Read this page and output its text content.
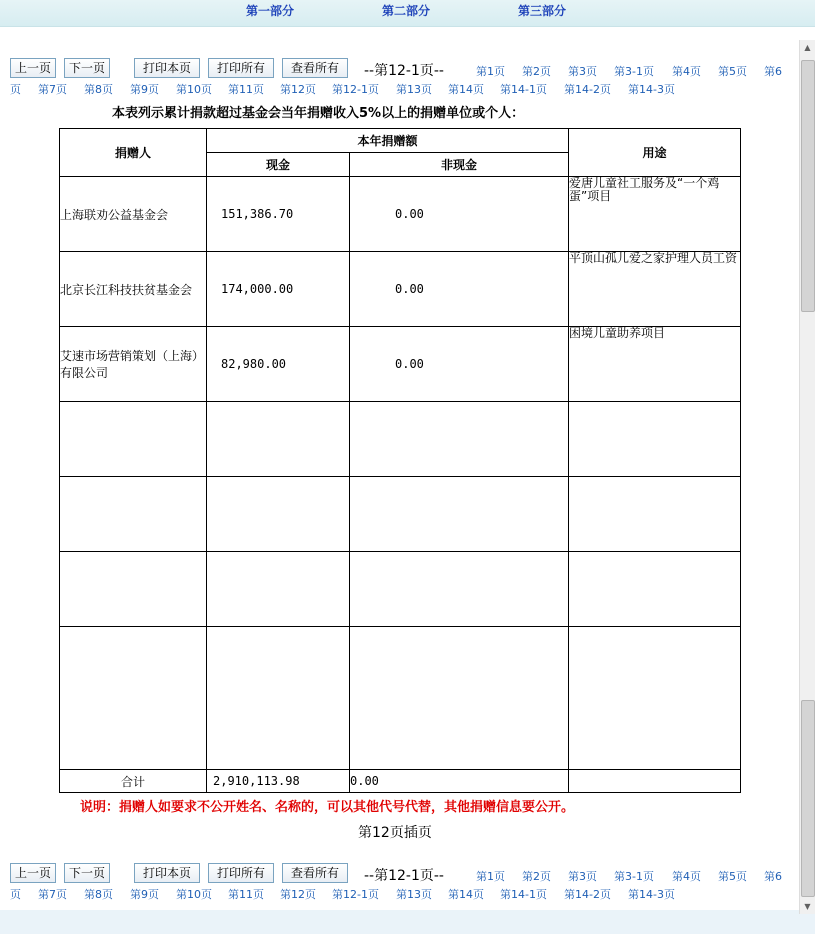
第一部分	第二部分	第三部分
上一页	下一页	打印本页	打印所有	查看所有	--第12-1页--	第1页 第2页 第3页 第3-1页 第4页 第5页 第6
页 第7页 第8页 第9页 第10页 第11页 第12页 第12-1页 第13页 第14页 第14-1页 第14-2页 第14-3页
本表列示累计捐款超过基金会当年捐赠收入5%以上的捐赠单位或个人：
捐赠人	本年捐赠额		用途
	现金	非现金	
上海联劝公益基金会	151,386.70	0.00	爱唐儿童社工服务及“一个鸡蛋”项目
北京长江科技扶贫基金会	174,000.00	0.00	平顶山孤儿爱之家护理人员工资
艾速市场营销策划（上海）有限公司	82,980.00	0.00	困境儿童助养项目

合计	2,910,113.98	0.00	
说明：捐赠人如要求不公开姓名、名称的，可以其他代号代替，其他捐赠信息要公开。
第12页插页
上一页	下一页	打印本页	打印所有	查看所有	--第12-1页--	第1页 第2页 第3页 第3-1页 第4页 第5页 第6
页 第7页 第8页 第9页 第10页 第11页 第12页 第12-1页 第13页 第14页 第14-1页 第14-2页 第14-3页
▲
▼
